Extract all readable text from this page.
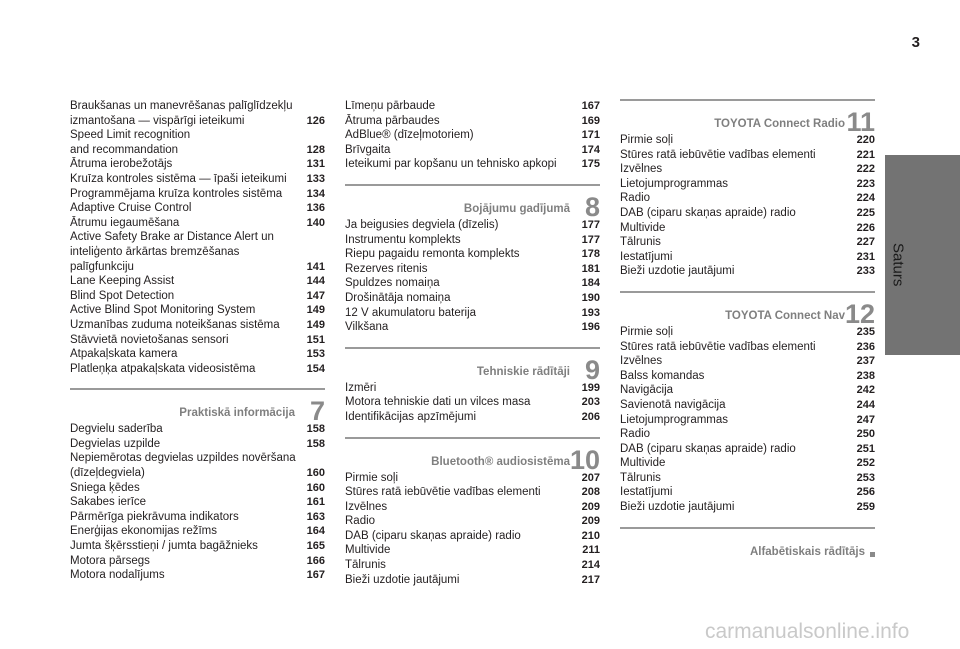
3
Saturs
Braukšanas un manevrēšanas palīglīdzekļu
izmantošana — vispārīgi ieteikumi	126
Speed Limit recognition
and recommandation	128
Ātruma ierobežotājs	131
Kruīza kontroles sistēma — īpaši ieteikumi	133
Programmējama kruīza kontroles sistēma	134
Adaptive Cruise Control	136
Ātrumu iegaumēšana	140
Active Safety Brake ar Distance Alert un
inteliģento ārkārtas bremzēšanas
palīgfunkciju	141
Lane Keeping Assist	144
Blind Spot Detection	147
Active Blind Spot Monitoring System	149
Uzmanības zuduma noteikšanas sistēma	149
Stāvvietā novietošanas sensori	151
Atpakaļskata kamera	153
Platleņķa atpakaļskata videosistēma	154
Praktiskā informācija 7
Degvielu saderība	158
Degvielas uzpilde	158
Nepiemērotas degvielas uzpildes novēršana
(dīzeļdegviela)	160
Sniega ķēdes	160
Sakabes ierīce	161
Pārmērīga piekrāvuma indikators	163
Enerģijas ekonomijas režīms	164
Jumta šķērsstieņi / jumta bagāžnieks	165
Motora pārsegs	166
Motora nodalījums	167
Līmeņu pārbaude	167
Ātruma pārbaudes	169
AdBlue® (dīzeļmotoriem)	171
Brīvgaita	174
Ieteikumi par kopšanu un tehnisko apkopi	175
Bojājumu gadījumā 8
Ja beigusies degviela (dīzelis)	177
Instrumentu komplekts	177
Riepu pagaidu remonta komplekts	178
Rezerves ritenis	181
Spuldzes nomaiņa	184
Drošinātāja nomaiņa	190
12 V akumulatoru baterija	193
Vilkšana	196
Tehniskie rādītāji 9
Izmēri	199
Motora tehniskie dati un vilces masa	203
Identifikācijas apzīmējumi	206
Bluetooth® audiosistēma 10
Pirmie soļi	207
Stūres ratā iebūvētie vadības elementi	208
Izvēlnes	209
Radio	209
DAB (ciparu skaņas apraide) radio	210
Multivide	211
Tālrunis	214
Bieži uzdotie jautājumi	217
TOYOTA Connect Radio 11
Pirmie soļi	220
Stūres ratā iebūvētie vadības elementi	221
Izvēlnes	222
Lietojumprogrammas	223
Radio	224
DAB (ciparu skaņas apraide) radio	225
Multivide	226
Tālrunis	227
Iestatījumi	231
Bieži uzdotie jautājumi	233
TOYOTA Connect Nav 12
Pirmie soļi	235
Stūres ratā iebūvētie vadības elementi	236
Izvēlnes	237
Balss komandas	238
Navigācija	242
Savienotā navigācija	244
Lietojumprogrammas	247
Radio	250
DAB (ciparu skaņas apraide) radio	251
Multivide	252
Tālrunis	253
Iestatījumi	256
Bieži uzdotie jautājumi	259
Alfabētiskais rādītājs
carmanualsonline.info
